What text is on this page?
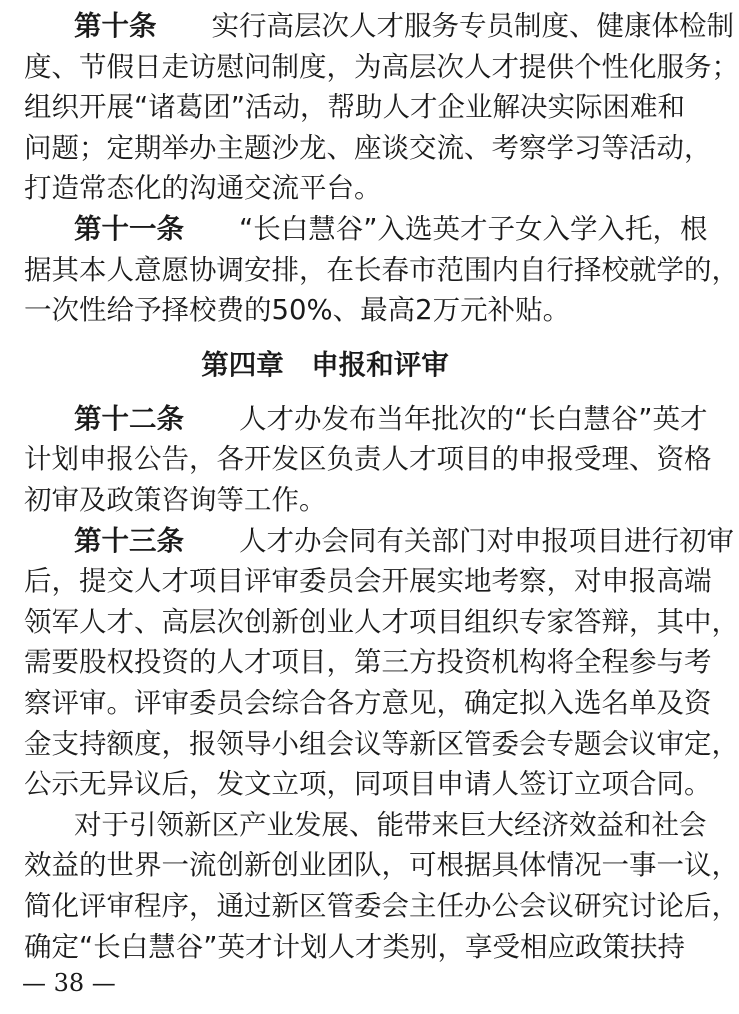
第十条　　 实行高层次人才服务专员制度、健康体检制
度、节假日走访慰问制度，为高层次人才提供个性化服务；
组织开展“诸葛团”活动，帮助人才企业解决实际困难和
问题；定期举办主题沙龙、座谈交流、考察学习等活动，
打造常态化的沟通交流平台。
第十一条　　 “长白慧谷”入选英才子女入学入托，根
据其本人意愿协调安排，在长春市范围内自行择校就学的，
一次性给予择校费的50%、最高2万元补贴。
第四章　申报和评审
第十二条　　 人才办发布当年批次的“长白慧谷”英才
计划申报公告，各开发区负责人才项目的申报受理、资格
初审及政策咨询等工作。
第十三条　　 人才办会同有关部门对申报项目进行初审
后，提交人才项目评审委员会开展实地考察，对申报高端
领军人才、高层次创新创业人才项目组织专家答辩，其中，
需要股权投资的人才项目，第三方投资机构将全程参与考
察评审。评审委员会综合各方意见，确定拟入选名单及资
金支持额度，报领导小组会议等新区管委会专题会议审定，
公示无异议后，发文立项，同项目申请人签订立项合同。
对于引领新区产业发展、能带来巨大经济效益和社会
效益的世界一流创新创业团队，可根据具体情况一事一议，
简化评审程序，通过新区管委会主任办公会议研究讨论后，
确定“长白慧谷”英才计划人才类别，享受相应政策扶持
— 38 —
